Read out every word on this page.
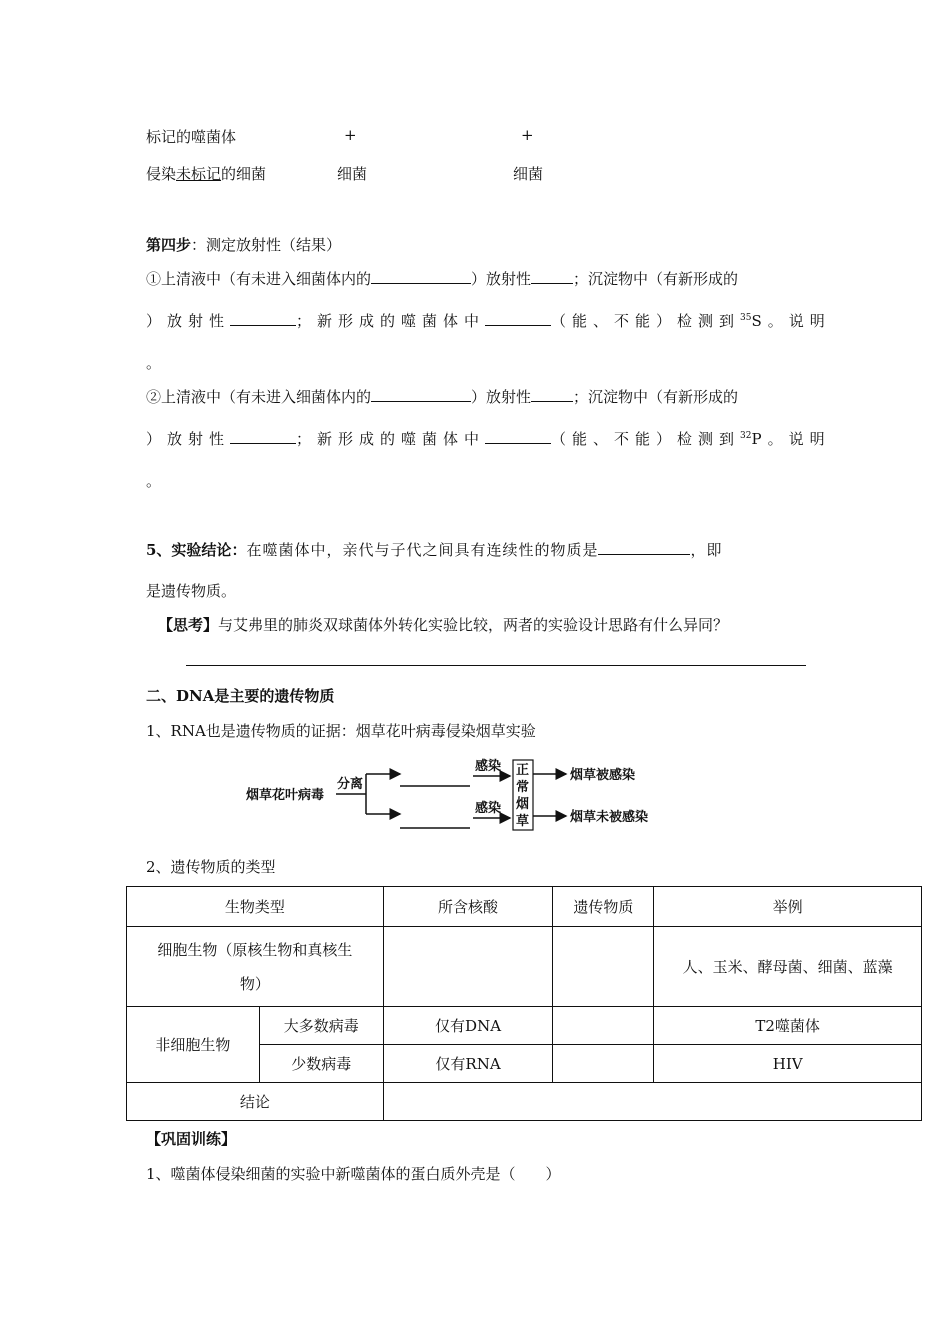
标记的噬菌体	+	+
侵染未标记的细菌	细菌	细菌
第四步：测定放射性（结果）
①上清液中（有未进入细菌体内的	）放射性	；沉淀物中（有新形成的
）放射性	；新形成的噬菌体中	（能、不能）检测到$^{35}$S。说明
。
②上清液中（有未进入细菌体内的	）放射性	；沉淀物中（有新形成的
）放射性	；新形成的噬菌体中	（能、不能）检测到$^{32}$P。说明
。
5、实验结论：在噬菌体中，亲代与子代之间具有连续性的物质是	，即
是遗传物质。
【思考】与艾弗里的肺炎双球菌体外转化实验比较，两者的实验设计思路有什么异同？
二、DNA是主要的遗传物质
1、RNA也是遗传物质的证据：烟草花叶病毒侵染烟草实验
烟草花叶病毒
分离
感染
感染
正
常
烟
草
烟草被感染
烟草未被感染
2、遗传物质的类型
生物类型		所含核酸	遗传物质	举例

细胞生物（原核生物和真核生
物）				人、玉米、酵母菌、细菌、蓝藻
非细胞生物	大多数病毒	仅有DNA		T2噬菌体
	少数病毒	仅有RNA		HIV
结论				
【巩固训练】
1、噬菌体侵染细菌的实验中新噬菌体的蛋白质外壳是（　　）
